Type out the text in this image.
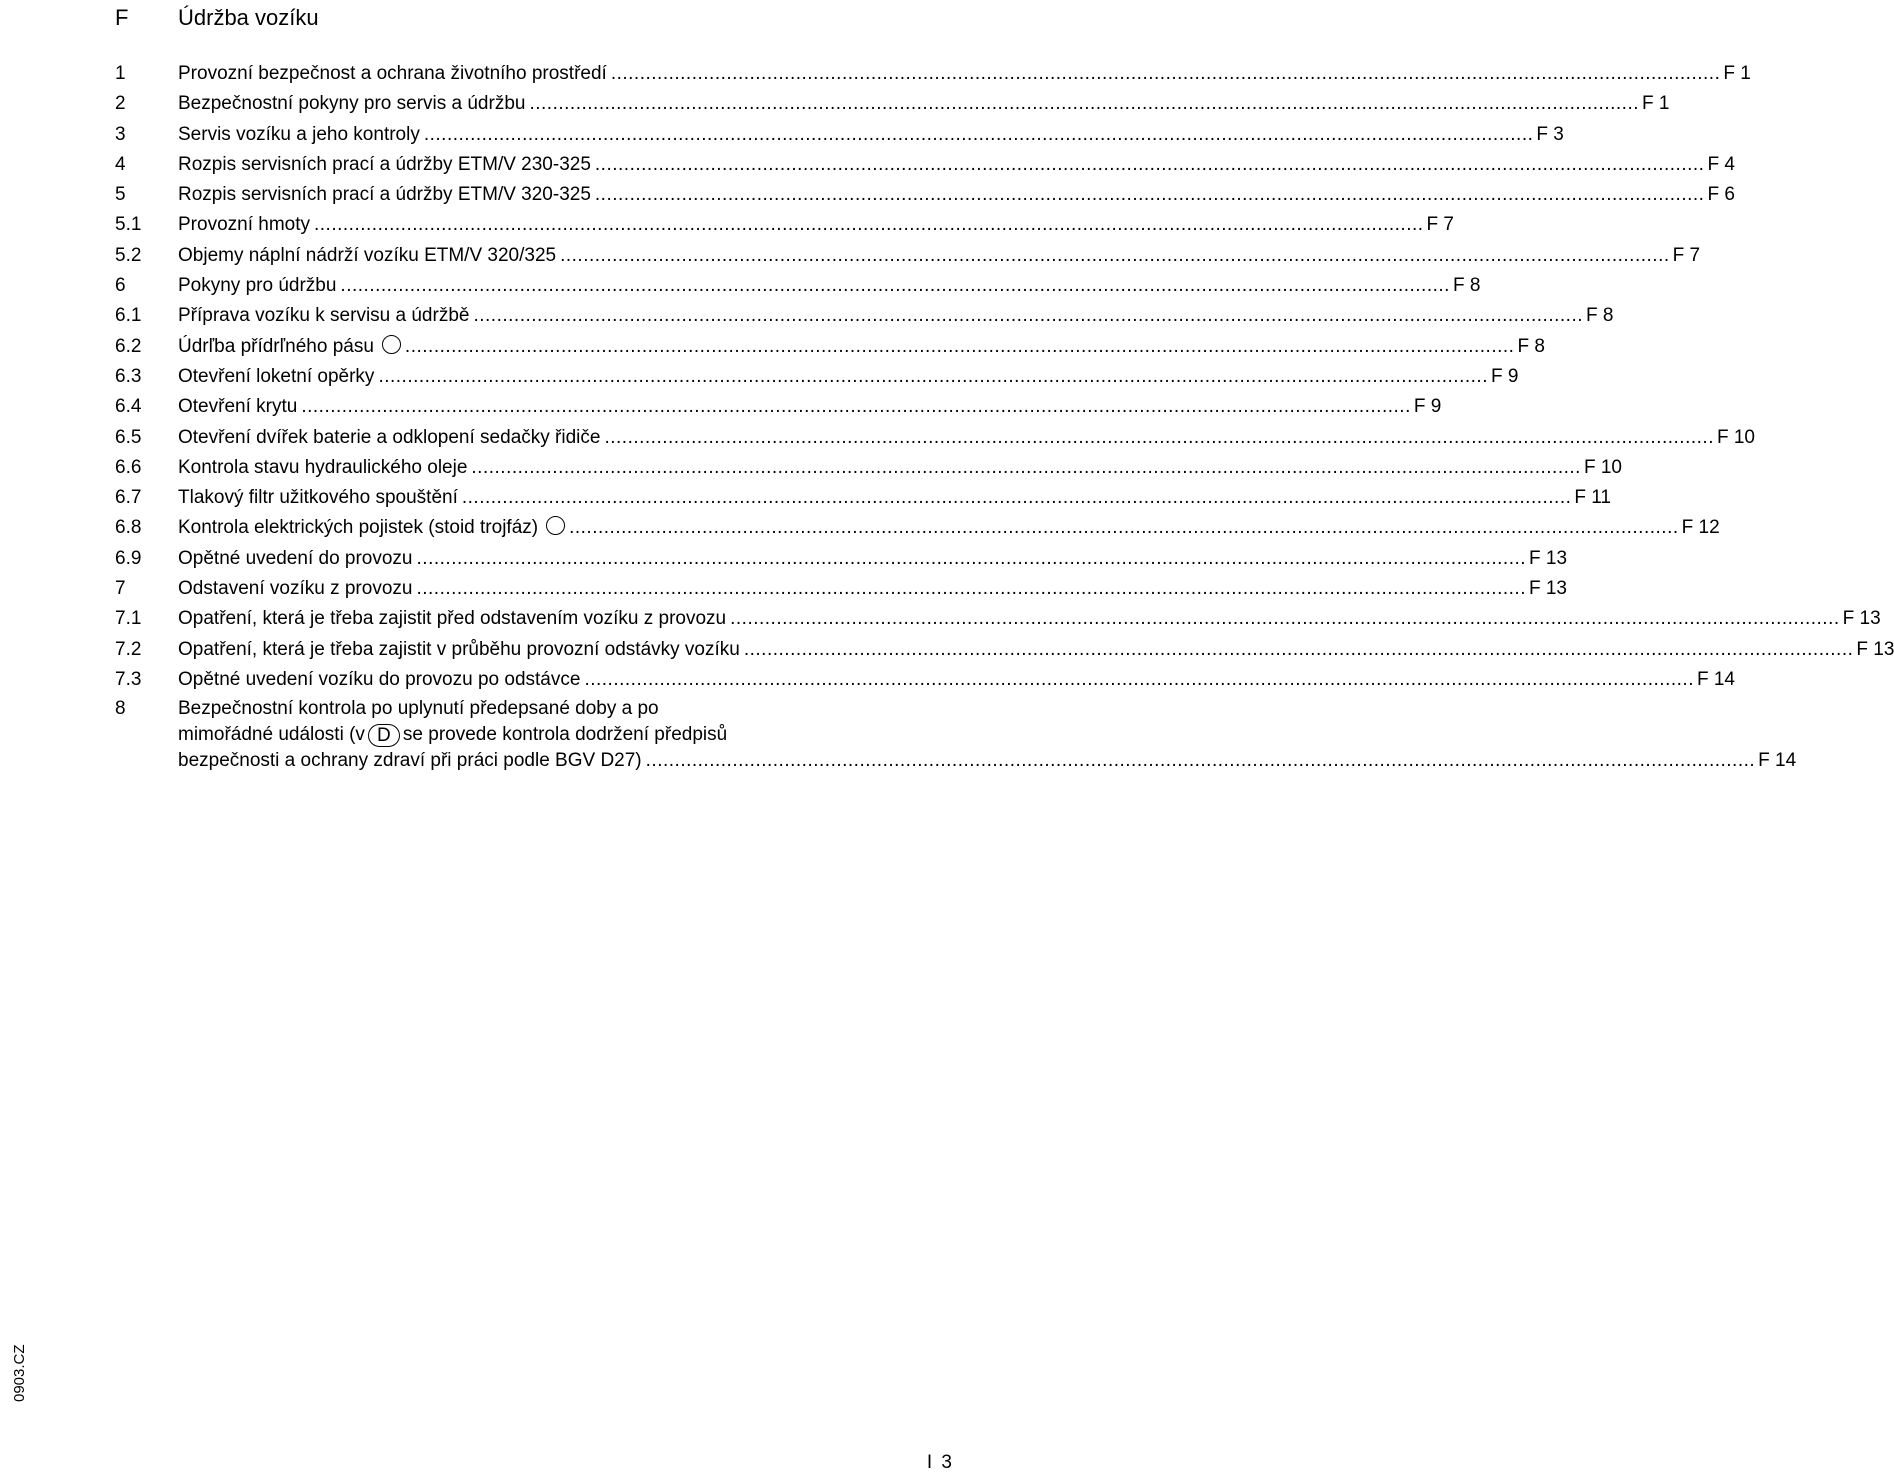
F Údržba vozíku
1	Provozní bezpečnost a ochrana životního prostředí ................................................................................................................................................................................................ F 1
2	Bezpečnostní pokyny pro servis a údržbu ................................................................................................................................................................................................ F 1
3	Servis vozíku a jeho kontroly ................................................................................................................................................................................................ F 3
4	Rozpis servisních prací a údržby ETM/V 230-325 ................................................................................................................................................................................................ F 4
5	Rozpis servisních prací a údržby ETM/V 320-325 ................................................................................................................................................................................................ F 6
5.1 Provozní hmoty ................................................................................................................................................................................................ F 7
5.2 Objemy náplní nádrží vozíku ETM/V 320/325 ................................................................................................................................................................................................ F 7
6	Pokyny pro údržbu ................................................................................................................................................................................................ F 8
6.1 Příprava vozíku k servisu a údržbě ................................................................................................................................................................................................ F 8
6.2 Údrľba přídrľného pásu	................................................................................................................................................................................................ F 8
6.3 Otevření loketní opěrky ................................................................................................................................................................................................ F 9
6.4 Otevření krytu ................................................................................................................................................................................................ F 9
6.5 Otevření dvířek baterie a odklopení sedačky řidiče ................................................................................................................................................................................................ F 10
6.6 Kontrola stavu hydraulického oleje ................................................................................................................................................................................................ F 10
6.7 Tlakový filtr užitkového spouštění ................................................................................................................................................................................................ F 11
6.8 Kontrola elektrických pojistek (stoid trojfáz)	................................................................................................................................................................................................ F 12
6.9 Opětné uvedení do provozu ................................................................................................................................................................................................ F 13
7	Odstavení vozíku z provozu ................................................................................................................................................................................................ F 13
7.1 Opatření, která je třeba zajistit před odstavením vozíku z provozu ................................................................................................................................................................................................ F 13
7.2 Opatření, která je třeba zajistit v průběhu provozní odstávky vozíku ................................................................................................................................................................................................ F 13
7.3 Opětné uvedení vozíku do provozu po odstávce ................................................................................................................................................................................................ F 14
8	Bezpečnostní kontrola po uplynutí předepsané doby a po
mimořádné události (v D se provede kontrola dodržení předpisů
bezpečnosti a ochrany zdraví při práci podle BGV D27) ................................................................................................................................................................................................ F 14
0903.CZ
I 3
